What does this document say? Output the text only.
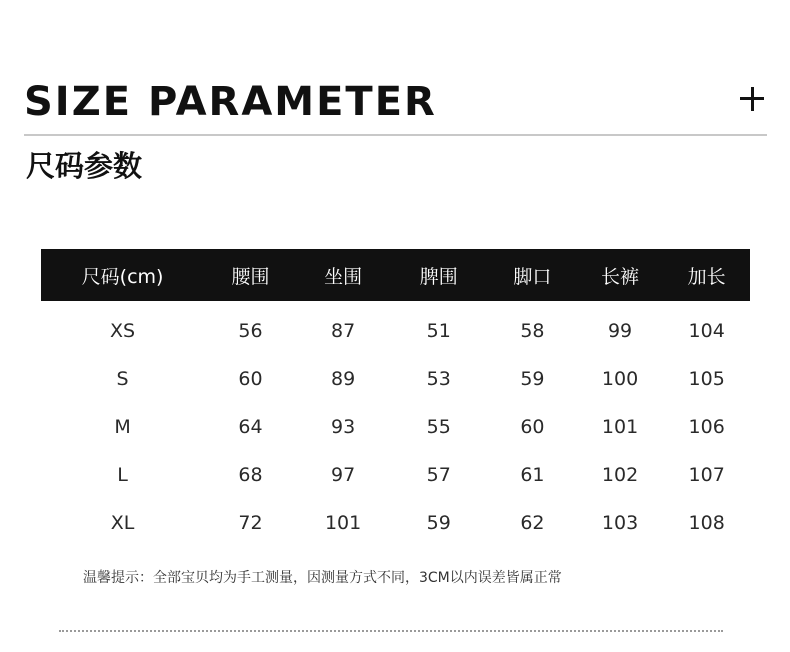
SIZE PARAMETER
尺码参数
尺码(cm)	腰围	坐围	脾围	脚口	长裤	加长
XS	56	87	51	58	99	104
S	60	89	53	59	100	105
M	64	93	55	60	101	106
L	68	97	57	61	102	107
XL	72	101	59	62	103	108
温馨提示：全部宝贝均为手工测量，因测量方式不同，3CM以内误差皆属正常
